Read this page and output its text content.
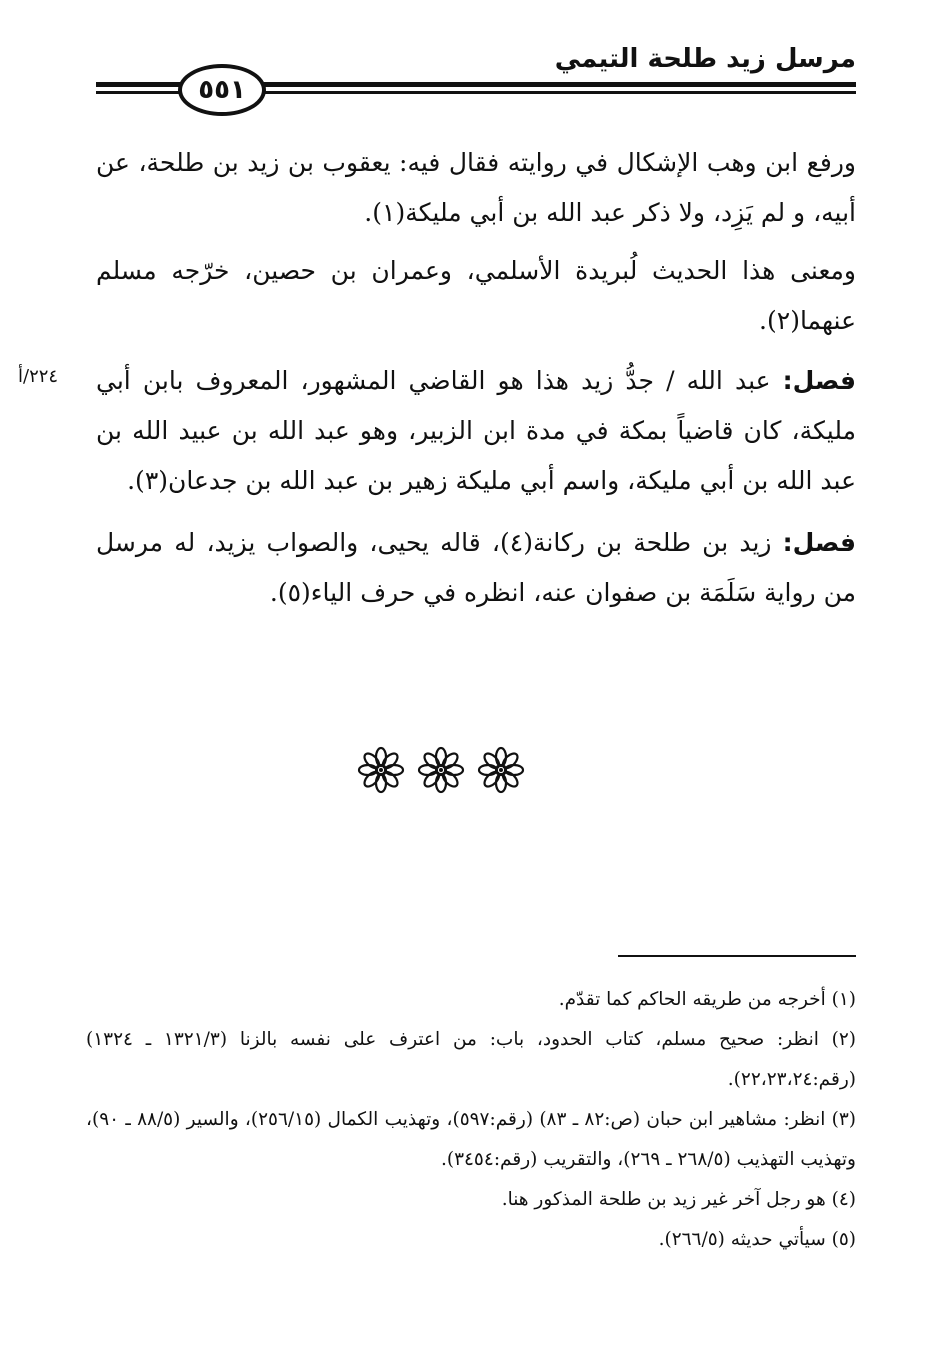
مرسل زيد طلحة التيمي
٥٥١
٢٢٤/أ
ورفع ابن وهب الإشكال في روايته فقال فيه: يعقوب بن زيد بن طلحة، عن أبيه، و لم يَزِد، ولا ذكر عبد الله بن أبي مليكة(١).
ومعنى هذا الحديث لُبريدة الأسلمي، وعمران بن حصين، خرّجه مسلم عنهما(٢).
فصل: عبد الله / جدُّ زيد هذا هو القاضي المشهور، المعروف بابن أبي مليكة، كان قاضياً بمكة في مدة ابن الزبير، وهو عبد الله بن عبيد الله بن عبد الله بن أبي مليكة، واسم أبي مليكة زهير بن عبد الله بن جدعان(٣).
فصل: زيد بن طلحة بن ركانة(٤)، قاله يحيى، والصواب يزيد، له مرسل من رواية سَلَمَة بن صفوان عنه، انظره في حرف الياء(٥).
(١) أخرجه من طريقه الحاكم كما تقدّم.
(٢) انظر: صحيح مسلم، كتاب الحدود، باب: من اعترف على نفسه بالزنا (١٣٢١/٣ ـ ١٣٢٤) (رقم:٢٢،٢٣،٢٤).
(٣) انظر: مشاهير ابن حبان (ص:٨٢ ـ ٨٣) (رقم:٥٩٧)، وتهذيب الكمال (٢٥٦/١٥)، والسير (٨٨/٥ ـ ٩٠)، وتهذيب التهذيب (٢٦٨/٥ ـ ٢٦٩)، والتقريب (رقم:٣٤٥٤).
(٤) هو رجل آخر غير زيد بن طلحة المذكور هنا.
(٥) سيأتي حديثه (٢٦٦/٥).
